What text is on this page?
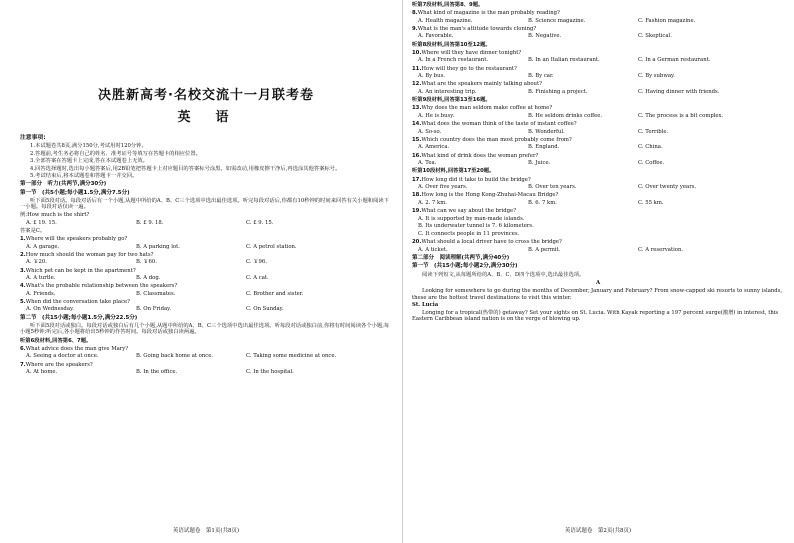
决胜新高考·名校交流十一月联考卷
英　语
注意事项:
1.本试题卷共8页,满分150分,考试用时120分钟。
2.答题前,考生务必将自己的姓名、准考证号等填写在答题卡的相应位置。
3.全部答案在答题卡上完成,答在本试题卷上无效。
4.回答选择题时,选出每小题答案后,用2B铅笔把答题卡上对应题目的答案标号涂黑。如需改动,用橡皮擦干净后,再选涂其他答案标号。
5.考试结束后,将本试题卷和答题卡一并交回。
第一部分　听力(共两节,满分30分)
第一节　(共5小题;每小题1.5分,满分7.5分)
听下面5段对话。每段对话后有一个小题,从题中所给的A、B、C三个选项中选出最佳选项。听完每段对话后,你都有10秒钟的时间来回答有关小题和阅读下一小题。每段对话仅读一遍。
例:How much is the shirt?
A. £ 19. 15.	B. £ 9. 18.	C. £ 9. 15.
答案是C。
1.Where will the speakers probably go?
A. A garage.	B. A parking lot.	C. A petrol station.
2.How much should the woman pay for two hats?
A. ￥20.	B. ￥60.	C. ￥96.
3.Which pet can be kept in the apartment?
A. A turtle.	B. A dog.	C. A cat.
4.What's the probable relationship between the speakers?
A. Friends.	B. Classmates.	C. Brother and sister.
5.When did the conversation take place?
A. On Wednesday.	B. On Friday.	C. On Sunday.
第二节　(共15小题;每小题1.5分,满分22.5分)
听下面5段对话或独白。每段对话或独白后有几个小题,从题中所给的A、B、C三个选项中选出最佳选项。听每段对话或独白前,你将有时间阅读各个小题,每小题5秒钟;听完后,各小题将给出5秒钟的作答时间。每段对话或独白读两遍。
听第6段材料,回答第6、7题。
6.What advice does the man give Mary?
A. Seeing a doctor at once.	B. Going back home at once.	C. Taking some medicine at once.
7.Where are the speakers?
A. At home.	B. In the office.	C. In the hospital.
英语试题卷　第1页(共8页)
听第7段材料,回答第8、9题。
8.What kind of magazine is the man probably reading?
A. Health magazine.	B. Science magazine.	C. Fashion magazine.
9.What is the man's attitude towards cloning?
A. Favorable.	B. Negative.	C. Skeptical.
听第8段材料,回答第10至12题。
10.Where will they have dinner tonight?
A. In a French restaurant.	B. In an Italian restaurant.	C. In a German restaurant.
11.How will they go to the restaurant?
A. By bus.	B. By car.	C. By subway.
12.What are the speakers mainly talking about?
A. An interesting trip.	B. Finishing a project.	C. Having dinner with friends.
听第9段材料,回答第13至16题。
13.Why does the man seldom make coffee at home?
A. He is busy.	B. He seldom drinks coffee.	C. The process is a bit complex.
14.What does the woman think of the taste of instant coffee?
A. So-so.	B. Wonderful.	C. Terrible.
15.Which country does the man most probably come from?
A. America.	B. England.	C. China.
16.What kind of drink does the woman prefer?
A. Tea.	B. Juice.	C. Coffee.
听第10段材料,回答第17至20题。
17.How long did it take to build the bridge?
A. Over five years.	B. Over ten years.	C. Over twenty years.
18.How long is the Hong Kong-Zhuhai-Macau Bridge?
A. 2. 7 km.	B. 6. 7 km.	C. 55 km.
19.What can we say about the bridge?
A. It is supported by man-made islands.
B. Its underwater tunnel is 7. 6 kilometers.
C. It connects people in 11 provinces.
20.What should a local driver have to cross the bridge?
A. A ticket.	B. A permit.	C. A reservation.
第二部分　阅读理解(共两节,满分40分)
第一节　(共15小题;每小题2分,满分30分)
阅读下列短文,从每题所给的A、B、C、D四个选项中,选出最佳选项。
A
Looking for somewhere to go during the months of December, January and February? From snow-capped ski resorts to sunny islands, these are the hottest travel destinations to visit this winter.
St. Lucia
Longing for a tropical(热带的) getaway? Set your sights on St. Lucia. With Kayak reporting a 197 percent surge(激增) in interest, this Eastern Caribbean island nation is on the verge of blowing up.
英语试题卷　第2页(共8页)
